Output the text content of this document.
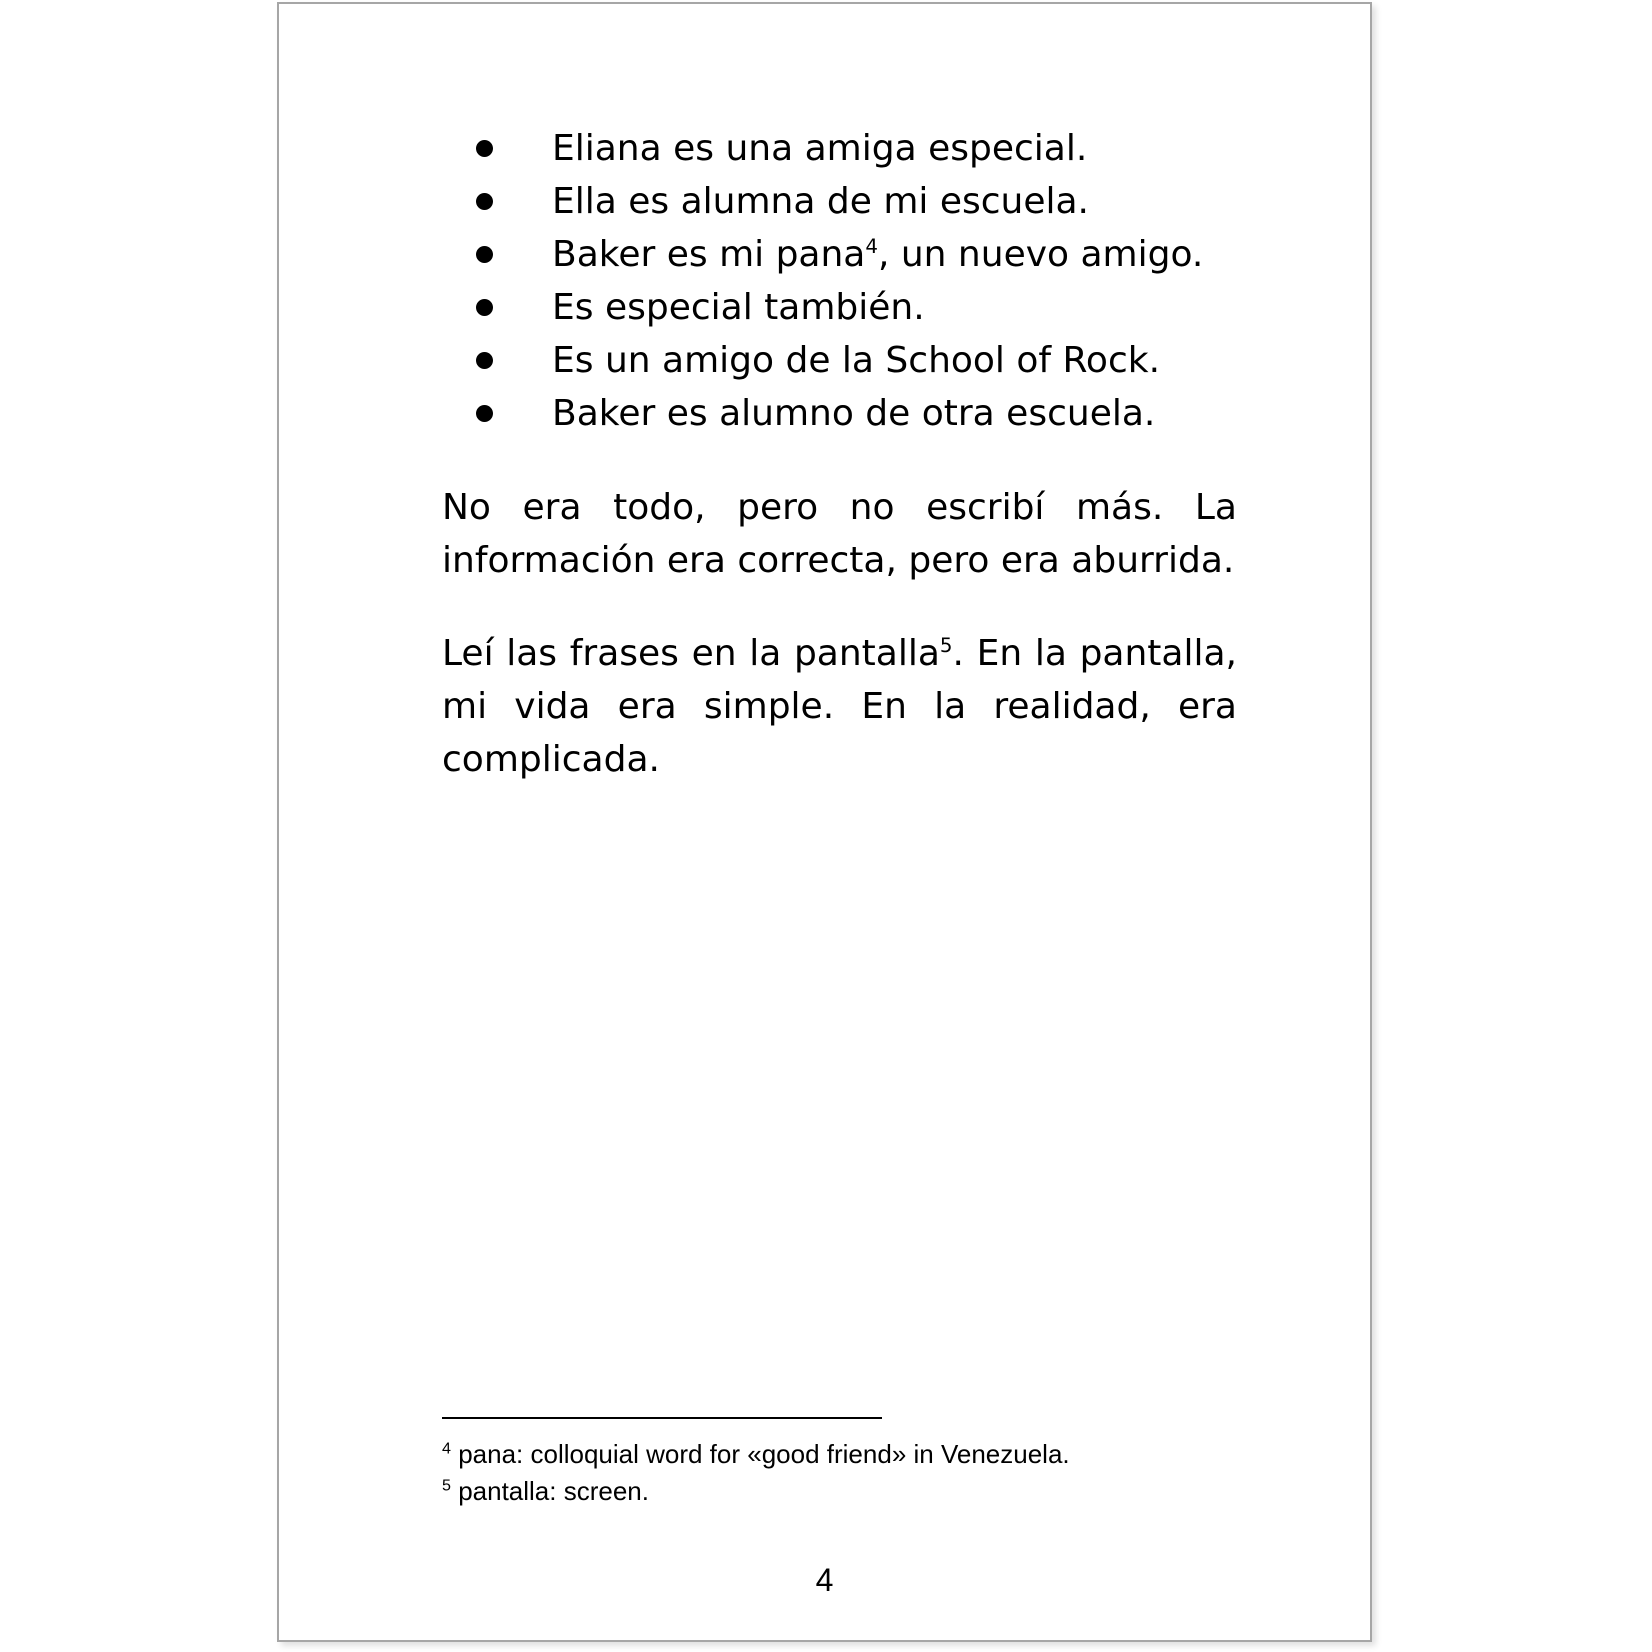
Eliana es una amiga especial.
Ella es alumna de mi escuela.
Baker es mi pana$^4$, un nuevo amigo.
Es especial también.
Es un amigo de la School of Rock.
Baker es alumno de otra escuela.

No era todo, pero no escribí más. La información era correcta, pero era aburrida.

Leí las frases en la pantalla$^5$. En la pantalla, mi vida era simple. En la realidad, era complicada.

$^4$ pana: colloquial word for «good friend» in Venezuela.
$^5$ pantalla: screen.
4
